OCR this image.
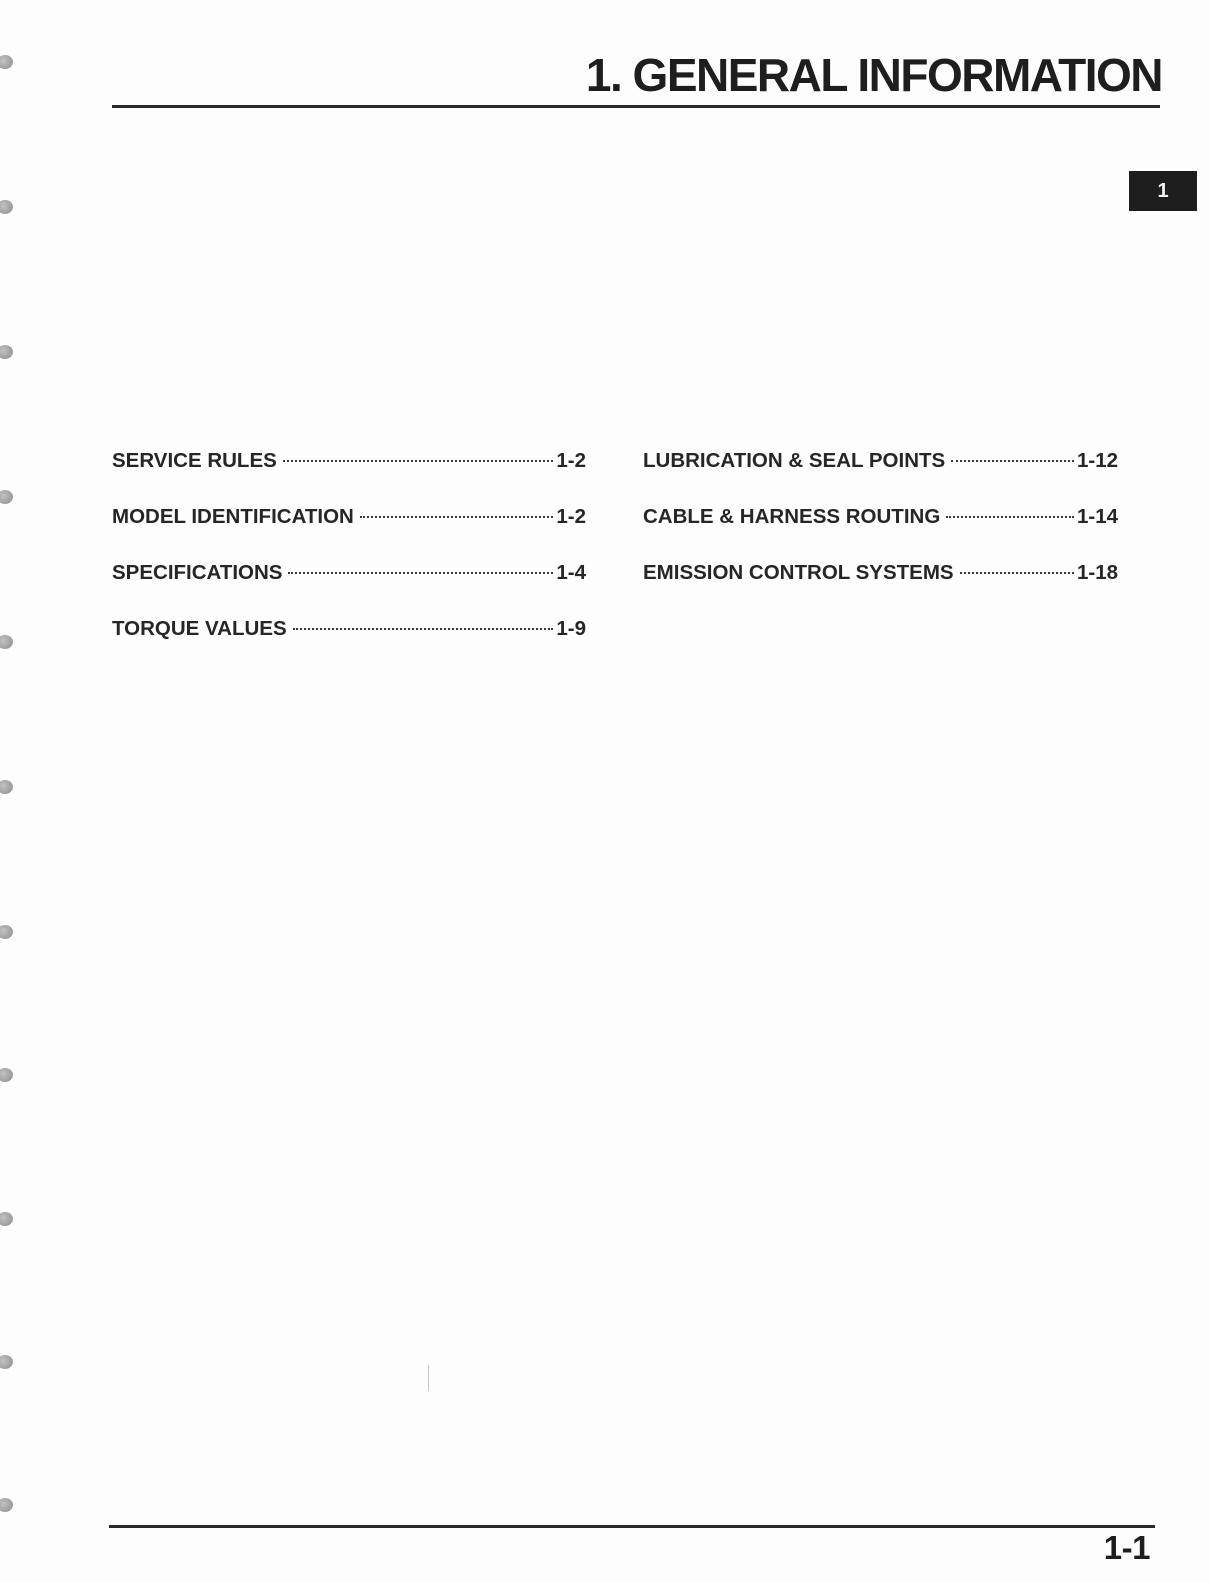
1. GENERAL INFORMATION
1
SERVICE RULES	1-2
MODEL IDENTIFICATION	1-2
SPECIFICATIONS	1-4
TORQUE VALUES	1-9
LUBRICATION & SEAL POINTS	1-12
CABLE & HARNESS ROUTING	1-14
EMISSION CONTROL SYSTEMS	1-18
1-1
